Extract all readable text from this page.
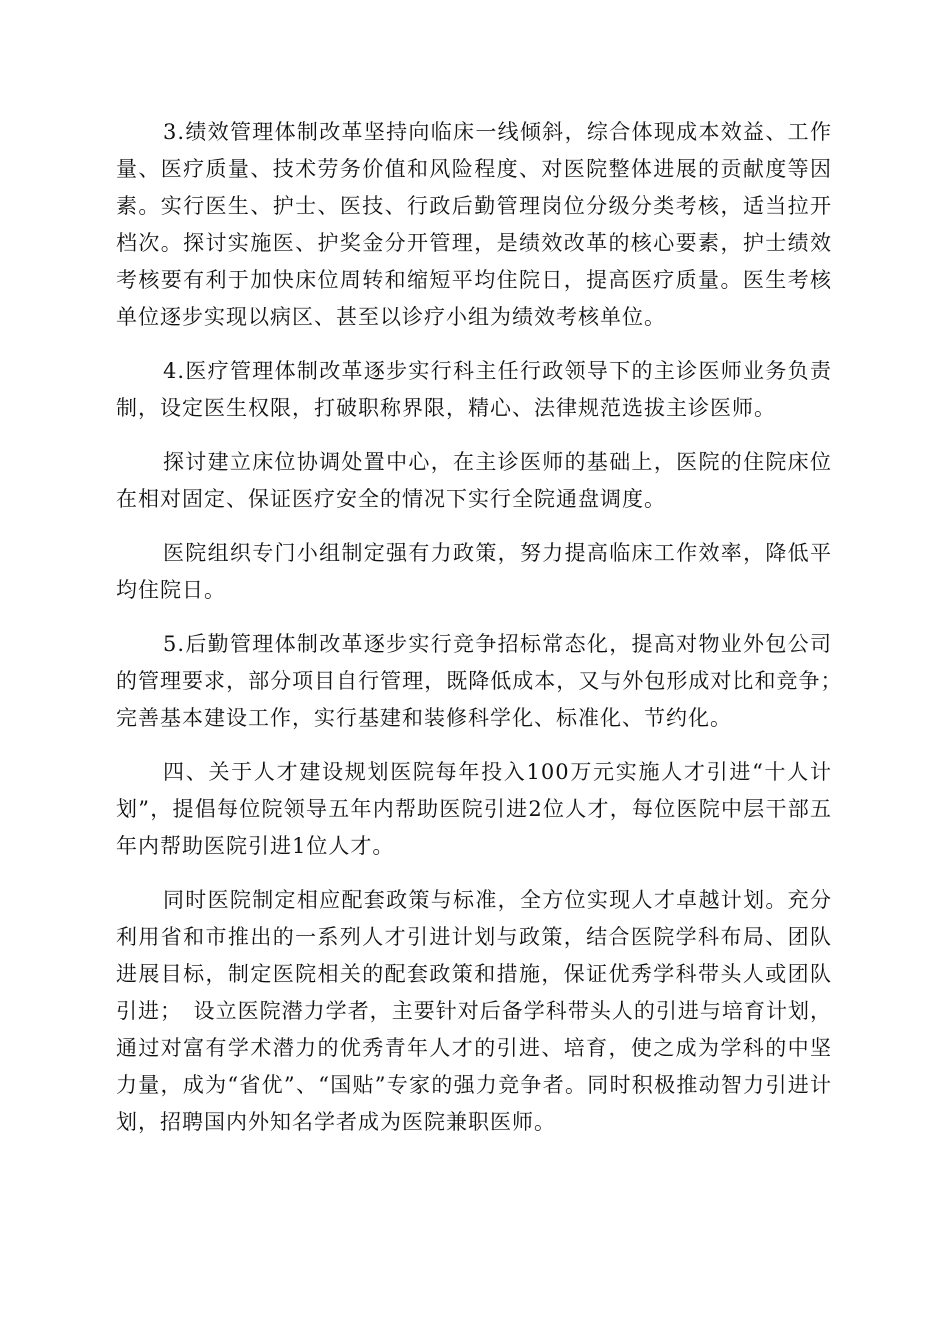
3.绩效管理体制改革坚持向临床一线倾斜，综合体现成本效益、工作量、医疗质量、技术劳务价值和风险程度、对医院整体进展的贡献度等因素。实行医生、护士、医技、行政后勤管理岗位分级分类考核，适当拉开档次。探讨实施医、护奖金分开管理，是绩效改革的核心要素，护士绩效考核要有利于加快床位周转和缩短平均住院日，提高医疗质量。医生考核单位逐步实现以病区、甚至以诊疗小组为绩效考核单位。

4.医疗管理体制改革逐步实行科主任行政领导下的主诊医师业务负责制，设定医生权限，打破职称界限，精心、法律规范选拔主诊医师。

探讨建立床位协调处置中心，在主诊医师的基础上，医院的住院床位在相对固定、保证医疗安全的情况下实行全院通盘调度。

医院组织专门小组制定强有力政策，努力提高临床工作效率，降低平均住院日。

5.后勤管理体制改革逐步实行竞争招标常态化，提高对物业外包公司的管理要求，部分项目自行管理，既降低成本，又与外包形成对比和竞争；　完善基本建设工作，实行基建和装修科学化、标准化、节约化。

四、关于人才建设规划医院每年投入100万元实施人才引进“十人计划”，提倡每位院领导五年内帮助医院引进2位人才，每位医院中层干部五年内帮助医院引进1位人才。

同时医院制定相应配套政策与标准，全方位实现人才卓越计划。充分利用省和市推出的一系列人才引进计划与政策，结合医院学科布局、团队进展目标，制定医院相关的配套政策和措施，保证优秀学科带头人或团队引进；　设立医院潜力学者，主要针对后备学科带头人的引进与培育计划，通过对富有学术潜力的优秀青年人才的引进、培育，使之成为学科的中坚力量，成为“省优”、“国贴”专家的强力竞争者。同时积极推动智力引进计划，招聘国内外知名学者成为医院兼职医师。
